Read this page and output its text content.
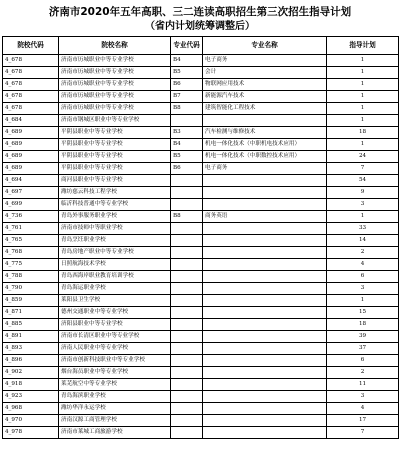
济南市2020年五年高职、三二连读高职招生第三次招生指导计划
（省内计划统筹调整后）
院校代码	院校名称	专业代码	专业名称	指导计划
4_678	济南市历城职业中等专业学校	B4	电子商务	1
4_678	济南市历城职业中等专业学校	B5	会计	1
4_678	济南市历城职业中等专业学校	B6	物联网应用技术	1
4_678	济南市历城职业中等专业学校	B7	新能源汽车技术	1
4_678	济南市历城职业中等专业学校	B8	建筑智能化工程技术	1
4_684	济南市钢城区职业中等专业学校			1
4_689	平阴县职业中等专业学校	B3	汽车检测与维修技术	18
4_689	平阴县职业中等专业学校	B4	机电一体化技术（中职机电技术应用）	1
4_689	平阴县职业中等专业学校	B5	机电一体化技术（中职数控技术应用）	24
4_689	平阴县职业中等专业学校	B6	电子商务	7
4_694	商河县职业中等专业学校			54
4_697	潍坊慈云科技工程学校			9
4_699	临沂科技普通中等专业学校			3
4_736	青岛外事服务职业学校	B8	商务英语	1
4_761	济南市技师中等职业学校			33
4_765	青岛烹饪职业学校			14
4_768	青岛房地产职业中等专业学校			2
4_775	日照航海技术学校			4
4_788	青岛西海岸职业教育培训学校			6
4_790	青岛海运职业学校			3
4_859	莱阳县卫生学校			1
4_871	德州交通职业中等专业学校			15
4_885	济阳县职业中等专业学校			18
4_891	济南市长清区职业中等专业学校			39
4_893	济南人民职业中等专业学校			37
4_896	济南市创新科技职业中等专业学校			6
4_902	烟台海员职业中等专业学校			2
4_918	莱芜航空中等专业学校			11
4_923	青岛海滨职业学校			3
4_968	潍坊华洋永运学校			4
4_970	济南汉源工商管理学校			17
4_978	济南市莱城工商旅游学校			7
